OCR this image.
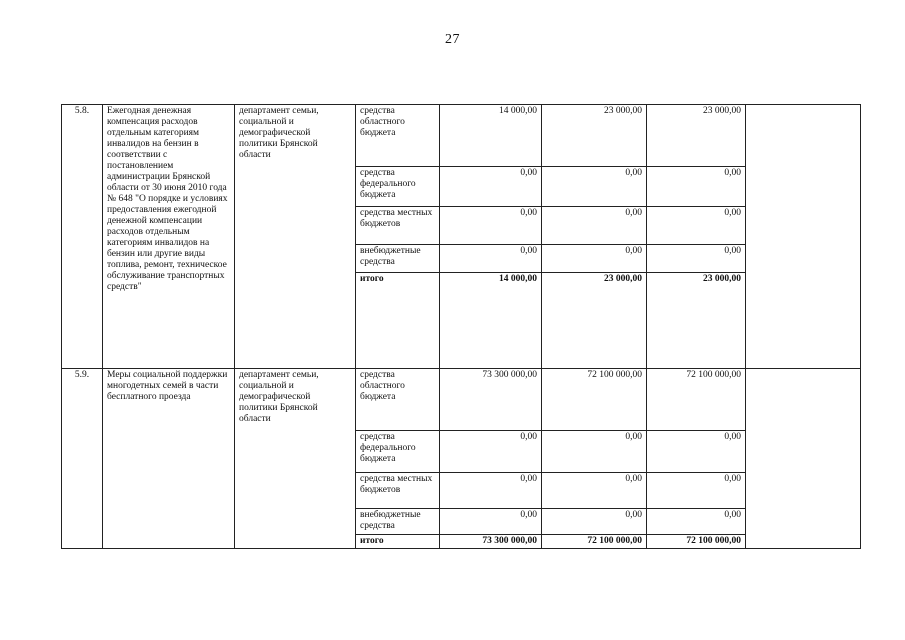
27
5.8.	Ежегодная денежная компенсация расходов отдельным категориям инвалидов на бензин в соответствии с постановлением администрации Брянской области от 30 июня 2010 года № 648 "О порядке и условиях предоставления ежегодной денежной компенсации расходов отдельным категориям инвалидов на бензин или другие виды топлива, ремонт, техническое обслуживание транспортных средств"	департамент семьи, социальной и демографической политики Брянской области	средства областного бюджета	14 000,00	23 000,00	23 000,00	
			средства федерального бюджета	0,00	0,00	0,00	
			средства местных бюджетов	0,00	0,00	0,00	
			внебюджетные средства	0,00	0,00	0,00	
			итого	14 000,00	23 000,00	23 000,00	
5.9.	Меры социальной поддержки многодетных семей в части бесплатного проезда	департамент семьи, социальной и демографической политики Брянской области	средства областного бюджета	73 300 000,00	72 100 000,00	72 100 000,00	
			средства федерального бюджета	0,00	0,00	0,00	
			средства местных бюджетов	0,00	0,00	0,00	
			внебюджетные средства	0,00	0,00	0,00	
			итого	73 300 000,00	72 100 000,00	72 100 000,00	
